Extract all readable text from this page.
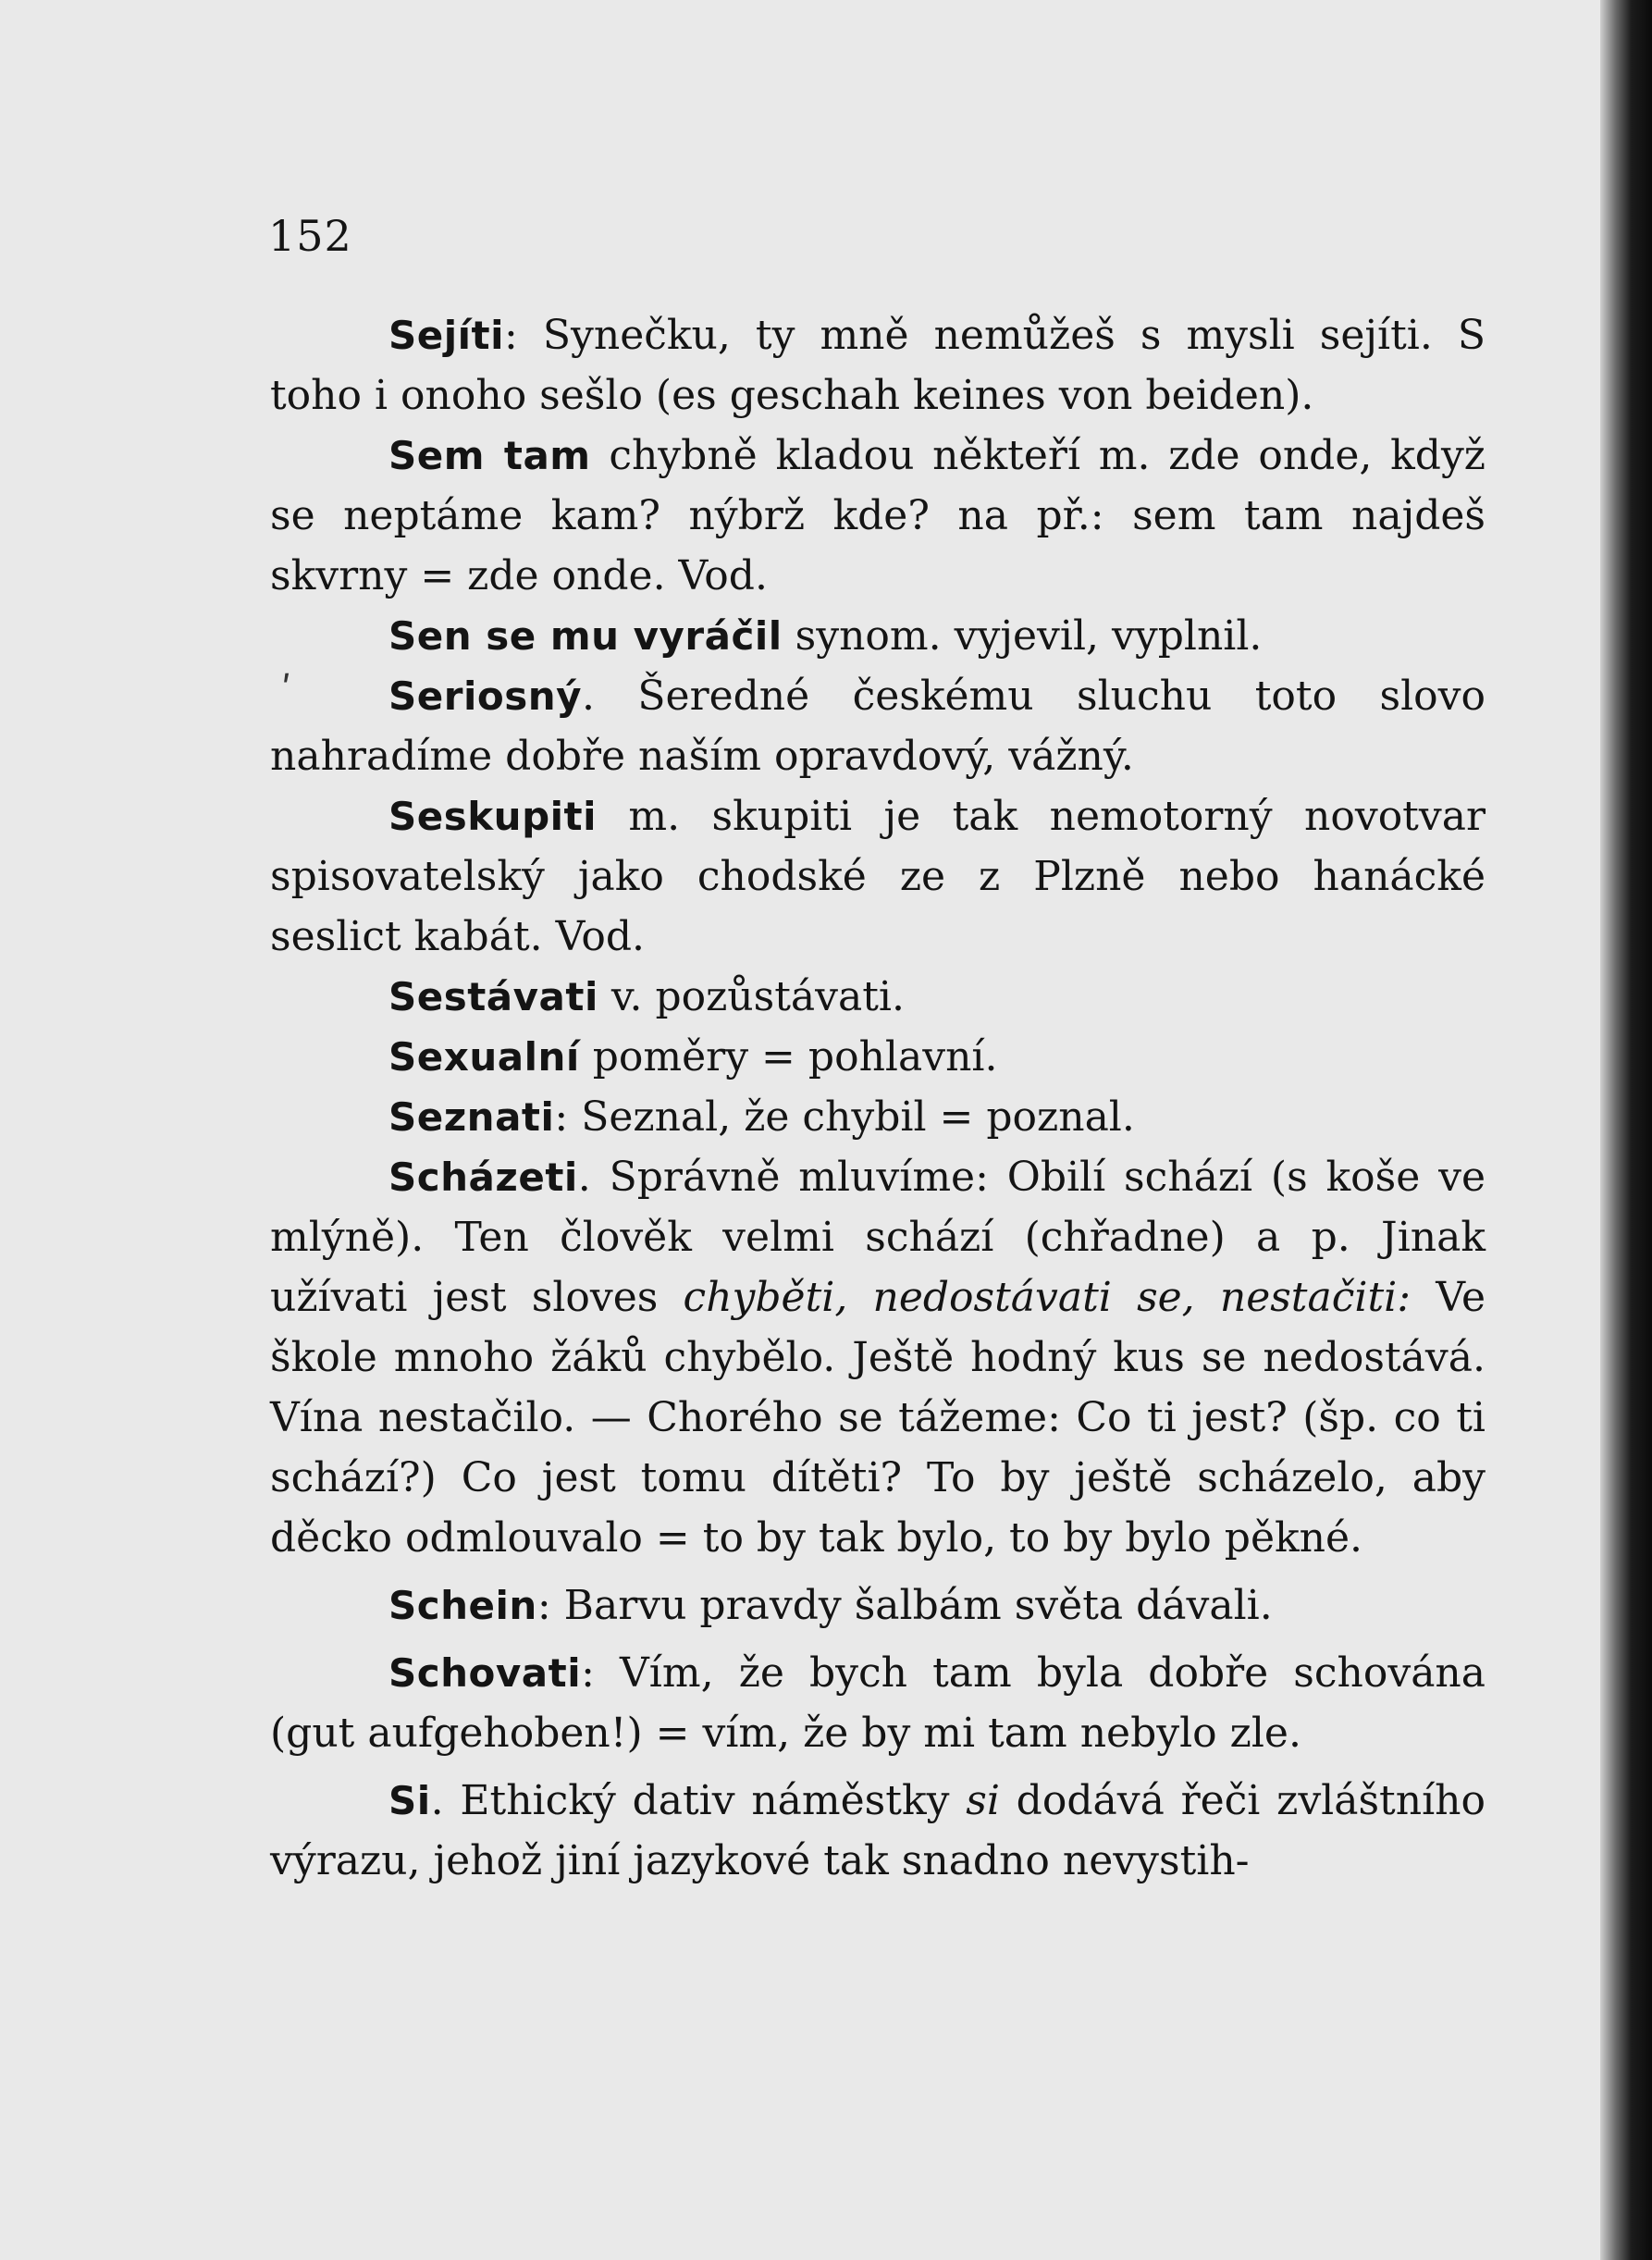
152
ʹ

Sejíti: Synečku, ty mně nemůžeš s mysli sejíti. S toho i onoho sešlo (es geschah keines von beiden).

Sem tam chybně kladou někteří m. zde onde, když se neptáme kam? nýbrž kde? na př.: sem tam najdeš skvrny = zde onde. Vod.

Sen se mu vyráčil synom. vyjevil, vyplnil.

Seriosný. Šeredné českému sluchu toto slovo nahradíme dobře naším opravdový, vážný.

Seskupiti m. skupiti je tak nemotorný novotvar spisovatelský jako chodské ze z Plzně nebo hanácké seslict kabát. Vod.

Sestávati v. pozůstávati.

Sexualní poměry = pohlavní.

Seznati: Seznal, že chybil = poznal.

Scházeti. Správně mluvíme: Obilí schází (s koše ve mlýně). Ten člověk velmi schází (chřadne) a p. Jinak užívati jest sloves chyběti, nedostávati se, nestačiti: Ve škole mnoho žáků chybělo. Ještě hodný kus se nedostává. Vína nestačilo. — Chorého se tážeme: Co ti jest? (šp. co ti schází?) Co jest tomu dítěti? To by ještě scházelo, aby děcko odmlouvalo = to by tak bylo, to by bylo pěkné.

Schein: Barvu pravdy šalbám světa dávali.

Schovati: Vím, že bych tam byla dobře schována (gut aufgehoben!) = vím, že by mi tam nebylo zle.

Si. Ethický dativ náměstky si dodává řeči zvláštního výrazu, jehož jiní jazykové tak snadno nevystih-
